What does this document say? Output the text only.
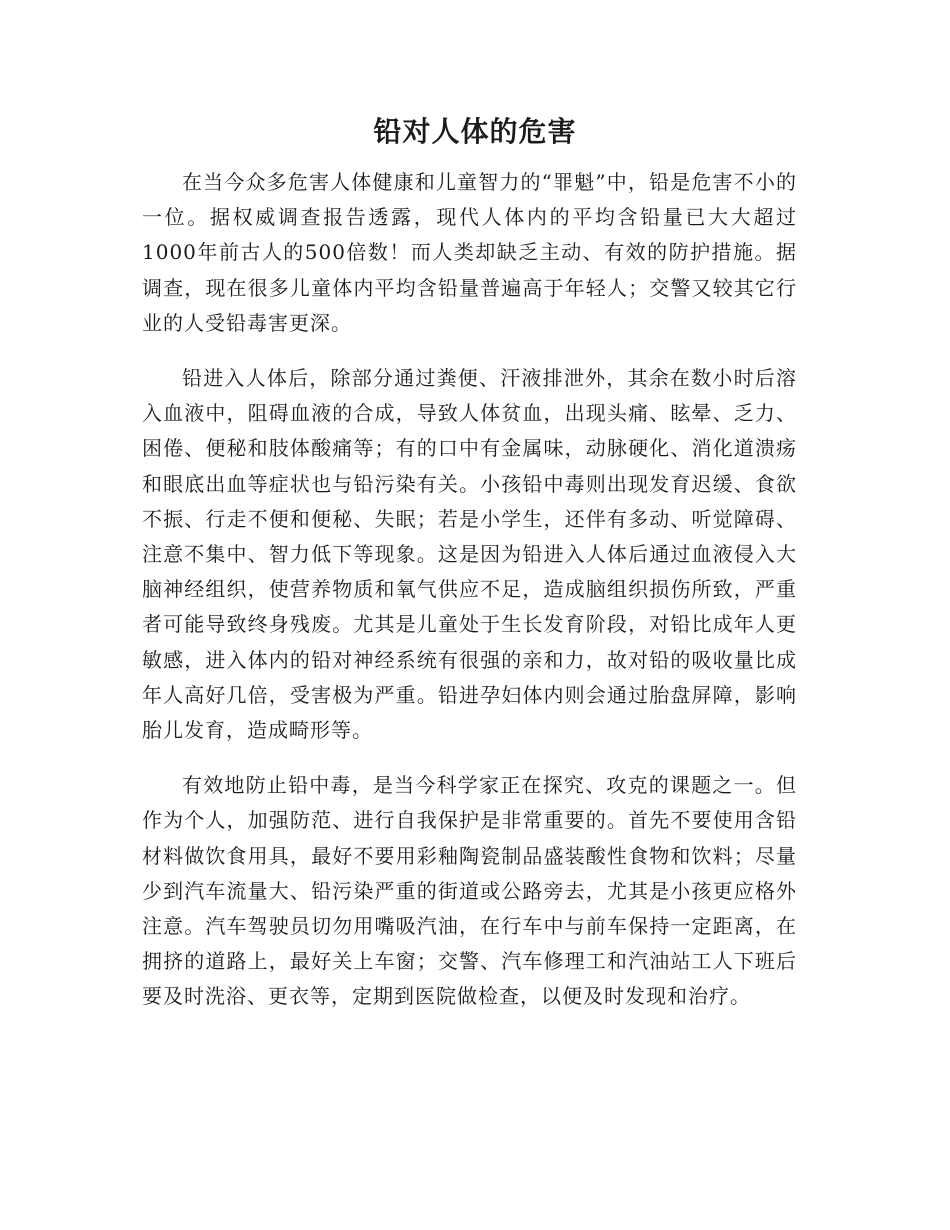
铅对人体的危害

在当今众多危害人体健康和儿童智力的“罪魁”中，铅是危害不小的一位。据权威调查报告透露，现代人体内的平均含铅量已大大超过1000年前古人的500倍数！而人类却缺乏主动、有效的防护措施。据调查，现在很多儿童体内平均含铅量普遍高于年轻人；交警又较其它行业的人受铅毒害更深。

铅进入人体后，除部分通过粪便、汗液排泄外，其余在数小时后溶入血液中，阻碍血液的合成，导致人体贫血，出现头痛、眩晕、乏力、困倦、便秘和肢体酸痛等；有的口中有金属味，动脉硬化、消化道溃疡和眼底出血等症状也与铅污染有关。小孩铅中毒则出现发育迟缓、食欲不振、行走不便和便秘、失眠；若是小学生，还伴有多动、听觉障碍、注意不集中、智力低下等现象。这是因为铅进入人体后通过血液侵入大脑神经组织，使营养物质和氧气供应不足，造成脑组织损伤所致，严重者可能导致终身残废。尤其是儿童处于生长发育阶段，对铅比成年人更敏感，进入体内的铅对神经系统有很强的亲和力，故对铅的吸收量比成年人高好几倍，受害极为严重。铅进孕妇体内则会通过胎盘屏障，影响胎儿发育，造成畸形等。

有效地防止铅中毒，是当今科学家正在探究、攻克的课题之一。但作为个人，加强防范、进行自我保护是非常重要的。首先不要使用含铅材料做饮食用具，最好不要用彩釉陶瓷制品盛装酸性食物和饮料；尽量少到汽车流量大、铅污染严重的街道或公路旁去，尤其是小孩更应格外注意。汽车驾驶员切勿用嘴吸汽油，在行车中与前车保持一定距离，在拥挤的道路上，最好关上车窗；交警、汽车修理工和汽油站工人下班后要及时洗浴、更衣等，定期到医院做检查，以便及时发现和治疗。
